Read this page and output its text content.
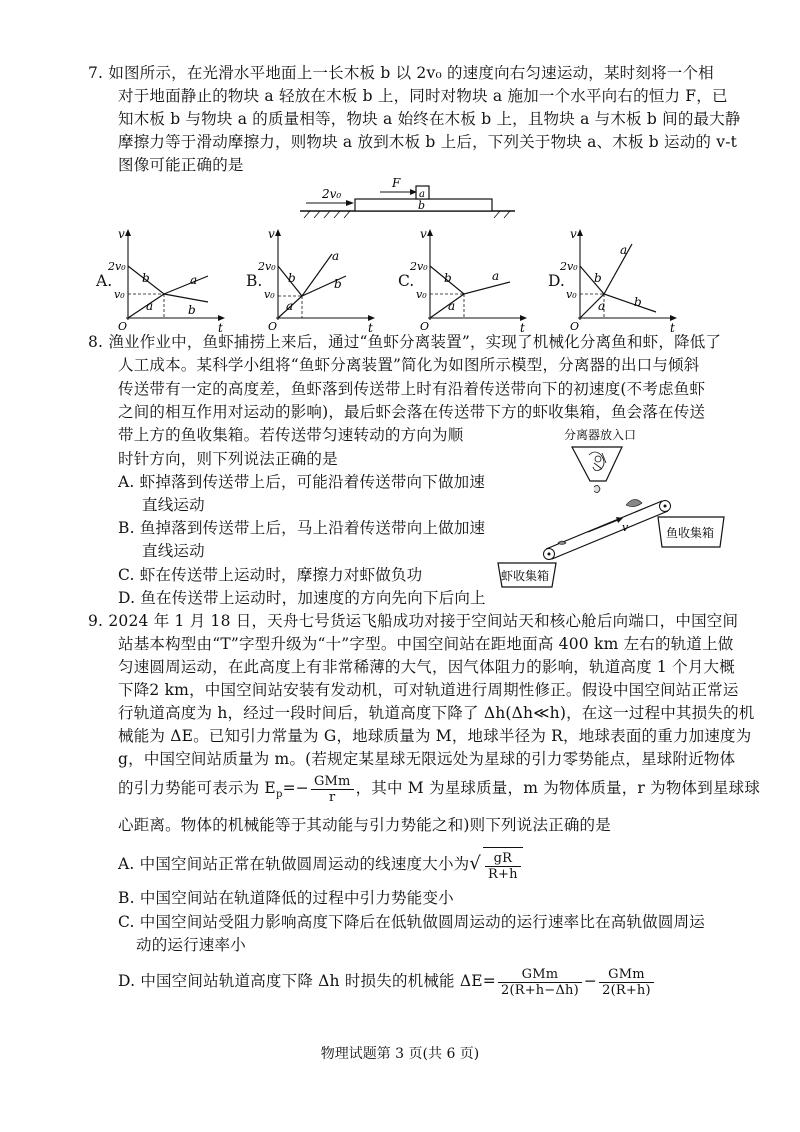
7. 如图所示，在光滑水平地面上一长木板 b 以 2v₀ 的速度向右匀速运动，某时刻将一个相
对于地面静止的物块 a 轻放在木板 b 上，同时对物块 a 施加一个水平向右的恒力 F，已
知木板 b 与物块 a 的质量相等，物块 a 始终在木板 b 上，且物块 a 与木板 b 间的最大静
摩擦力等于滑动摩擦力，则物块 a 放到木板 b 上后，下列关于物块 a、木板 b 运动的 v-t
图像可能正确的是
2v₀
F
a
b
A.
v
t
O
2v₀
v₀
b
a
a
b
B.
v
t
O
2v₀
v₀
b
a
a
b	C.
v
t
O
2v₀
v₀
b
a
a	D.
v
t
O
2v₀
v₀
b
a
a
b
8. 渔业作业中，鱼虾捕捞上来后，通过“鱼虾分离装置”，实现了机械化分离鱼和虾，降低了
人工成本。某科学小组将“鱼虾分离装置”简化为如图所示模型，分离器的出口与倾斜
传送带有一定的高度差，鱼虾落到传送带上时有沿着传送带向下的初速度(不考虑鱼虾
之间的相互作用对运动的影响)，最后虾会落在传送带下方的虾收集箱，鱼会落在传送
带上方的鱼收集箱。若传送带匀速转动的方向为顺
时针方向，则下列说法正确的是
A. 虾掉落到传送带上后，可能沿着传送带向下做加速
直线运动
B. 鱼掉落到传送带上后，马上沿着传送带向上做加速
直线运动
C. 虾在传送带上运动时，摩擦力对虾做负功
D. 鱼在传送带上运动时，加速度的方向先向下后向上
分离器放入口
v	鱼收集箱
虾收集箱
9. 2024 年 1 月 18 日，天舟七号货运飞船成功对接于空间站天和核心舱后向端口，中国空间
站基本构型由“T”字型升级为“十”字型。中国空间站在距地面高 400 km 左右的轨道上做
匀速圆周运动，在此高度上有非常稀薄的大气，因气体阻力的影响，轨道高度 1 个月大概
下降2 km，中国空间站安装有发动机，可对轨道进行周期性修正。假设中国空间站正常运
行轨道高度为 h，经过一段时间后，轨道高度下降了 Δh(Δh≪h)，在这一过程中其损失的机
械能为 ΔE。已知引力常量为 G，地球质量为 M，地球半径为 R，地球表面的重力加速度为
g，中国空间站质量为 m。(若规定某星球无限远处为星球的引力零势能点，星球附近物体
的引力势能可表示为 $E_p=- \frac{\text{GMm}}{r}$ ，其中 M 为星球质量，m 为物体质量，r 为物体到星球球
心距离。物体的机械能等于其动能与引力势能之和)则下列说法正确的是
A. 中国空间站正常在轨做圆周运动的线速度大小为√ $\frac{gR}{R+h}$
B. 中国空间站在轨道降低的过程中引力势能变小
C. 中国空间站受阻力影响高度下降后在低轨做圆周运动的运行速率比在高轨做圆周运
动的运行速率小
D. 中国空间站轨道高度下降 Δh 时损失的机械能 $\Delta E= \frac{\text{GMm}}{2(R+h-\Delta h)} - \frac{\text{GMm}}{2(R+h)}$
物理试题第 3 页(共 6 页)
